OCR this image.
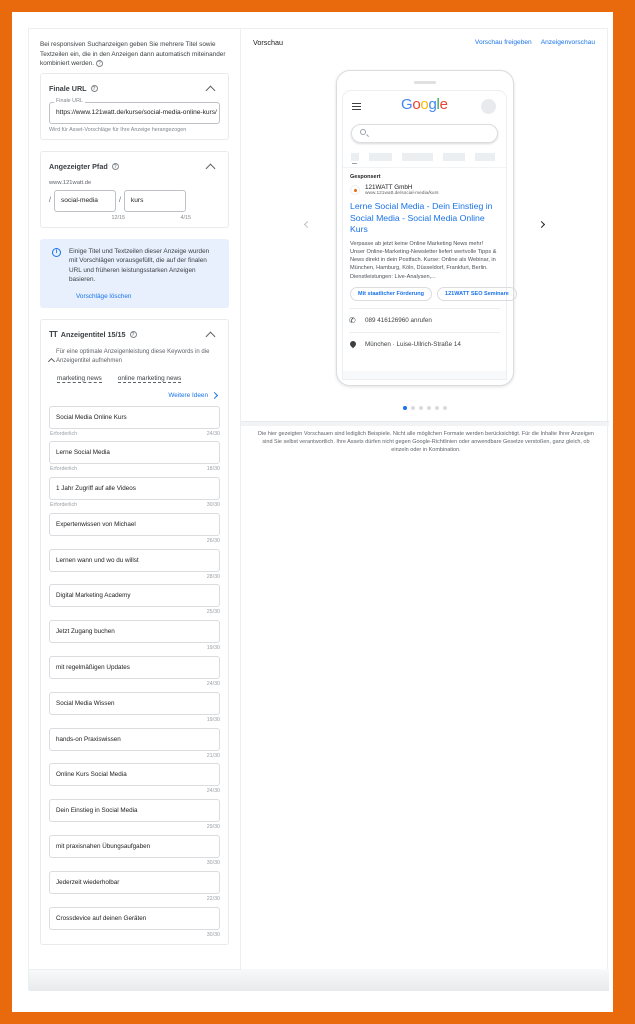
Bei responsiven Suchanzeigen geben Sie mehrere Titel sowie Textzeilen ein, die in den Anzeigen dann automatisch miteinander kombiniert werden. ?

Finale URL	?
Finale URL
https://www.121watt.de/kurse/social-media-online-kurs/
Wird für Asset-Vorschläge für Ihre Anzeige herangezogen
Angezeigter Pfad	?
www.121watt.de
/	social-media	/	kurs
12/15	4/15
i	Einige Titel und Textzeilen dieser Anzeige wurden mit Vorschlägen vorausgefüllt, die auf der finalen URL und früheren leistungsstarken Anzeigen basieren.
Vorschläge löschen
TT Anzeigentitel 15/15	?
Für eine optimale Anzeigenleistung diese Keywords in die Anzeigentitel aufnehmen
marketing news	online marketing news
Weitere Ideen
Social Media Online Kurs
Erforderlich	24/30
Lerne Social Media
Erforderlich	18/30
1 Jahr Zugriff auf alle Videos
Erforderlich	30/30
Expertenwissen von Michael
26/30
Lernen wann und wo du willst
28/30
Digital Marketing Academy
25/30
Jetzt Zugang buchen
19/30
mit regelmäßigen Updates
24/30
Social Media Wissen
19/30
hands-on Praxiswissen
21/30
Online Kurs Social Media
24/30
Dein Einstieg in Social Media
29/30
mit praxisnahen Übungsaufgaben
30/30
Jederzeit wiederholbar
22/30
Crossdevice auf deinen Geräten
30/30
Vorschau	Vorschau freigeben Anzeigenvorschau
Google
Gesponsert
121WATT GmbH
www.121watt.de/social-media/kurs
Lerne Social Media - Dein Einstieg in Social Media - Social Media Online Kurs
Verpasse ab jetzt keine Online Marketing News mehr! Unser Online-Marketing-Newsletter liefert wertvolle Tipps & News direkt in dein Postfach. Kurse: Online als Webinar, in München, Hamburg, Köln, Düsseldorf, Frankfurt, Berlin. Dienstleistungen: Live-Analysen,...
Mit staatlicher Förderung	121WATT SEO Seminare
✆ 089 416126960 anrufen
München · Luise-Ullrich-Straße 14
Die hier gezeigten Vorschauen sind lediglich Beispiele. Nicht alle möglichen Formate werden berücksichtigt. Für die Inhalte Ihrer Anzeigen sind Sie selbst verantwortlich. Ihre Assets dürfen nicht gegen Google-Richtlinien oder anwendbare Gesetze verstoßen, ganz gleich, ob einzeln oder in Kombination.
